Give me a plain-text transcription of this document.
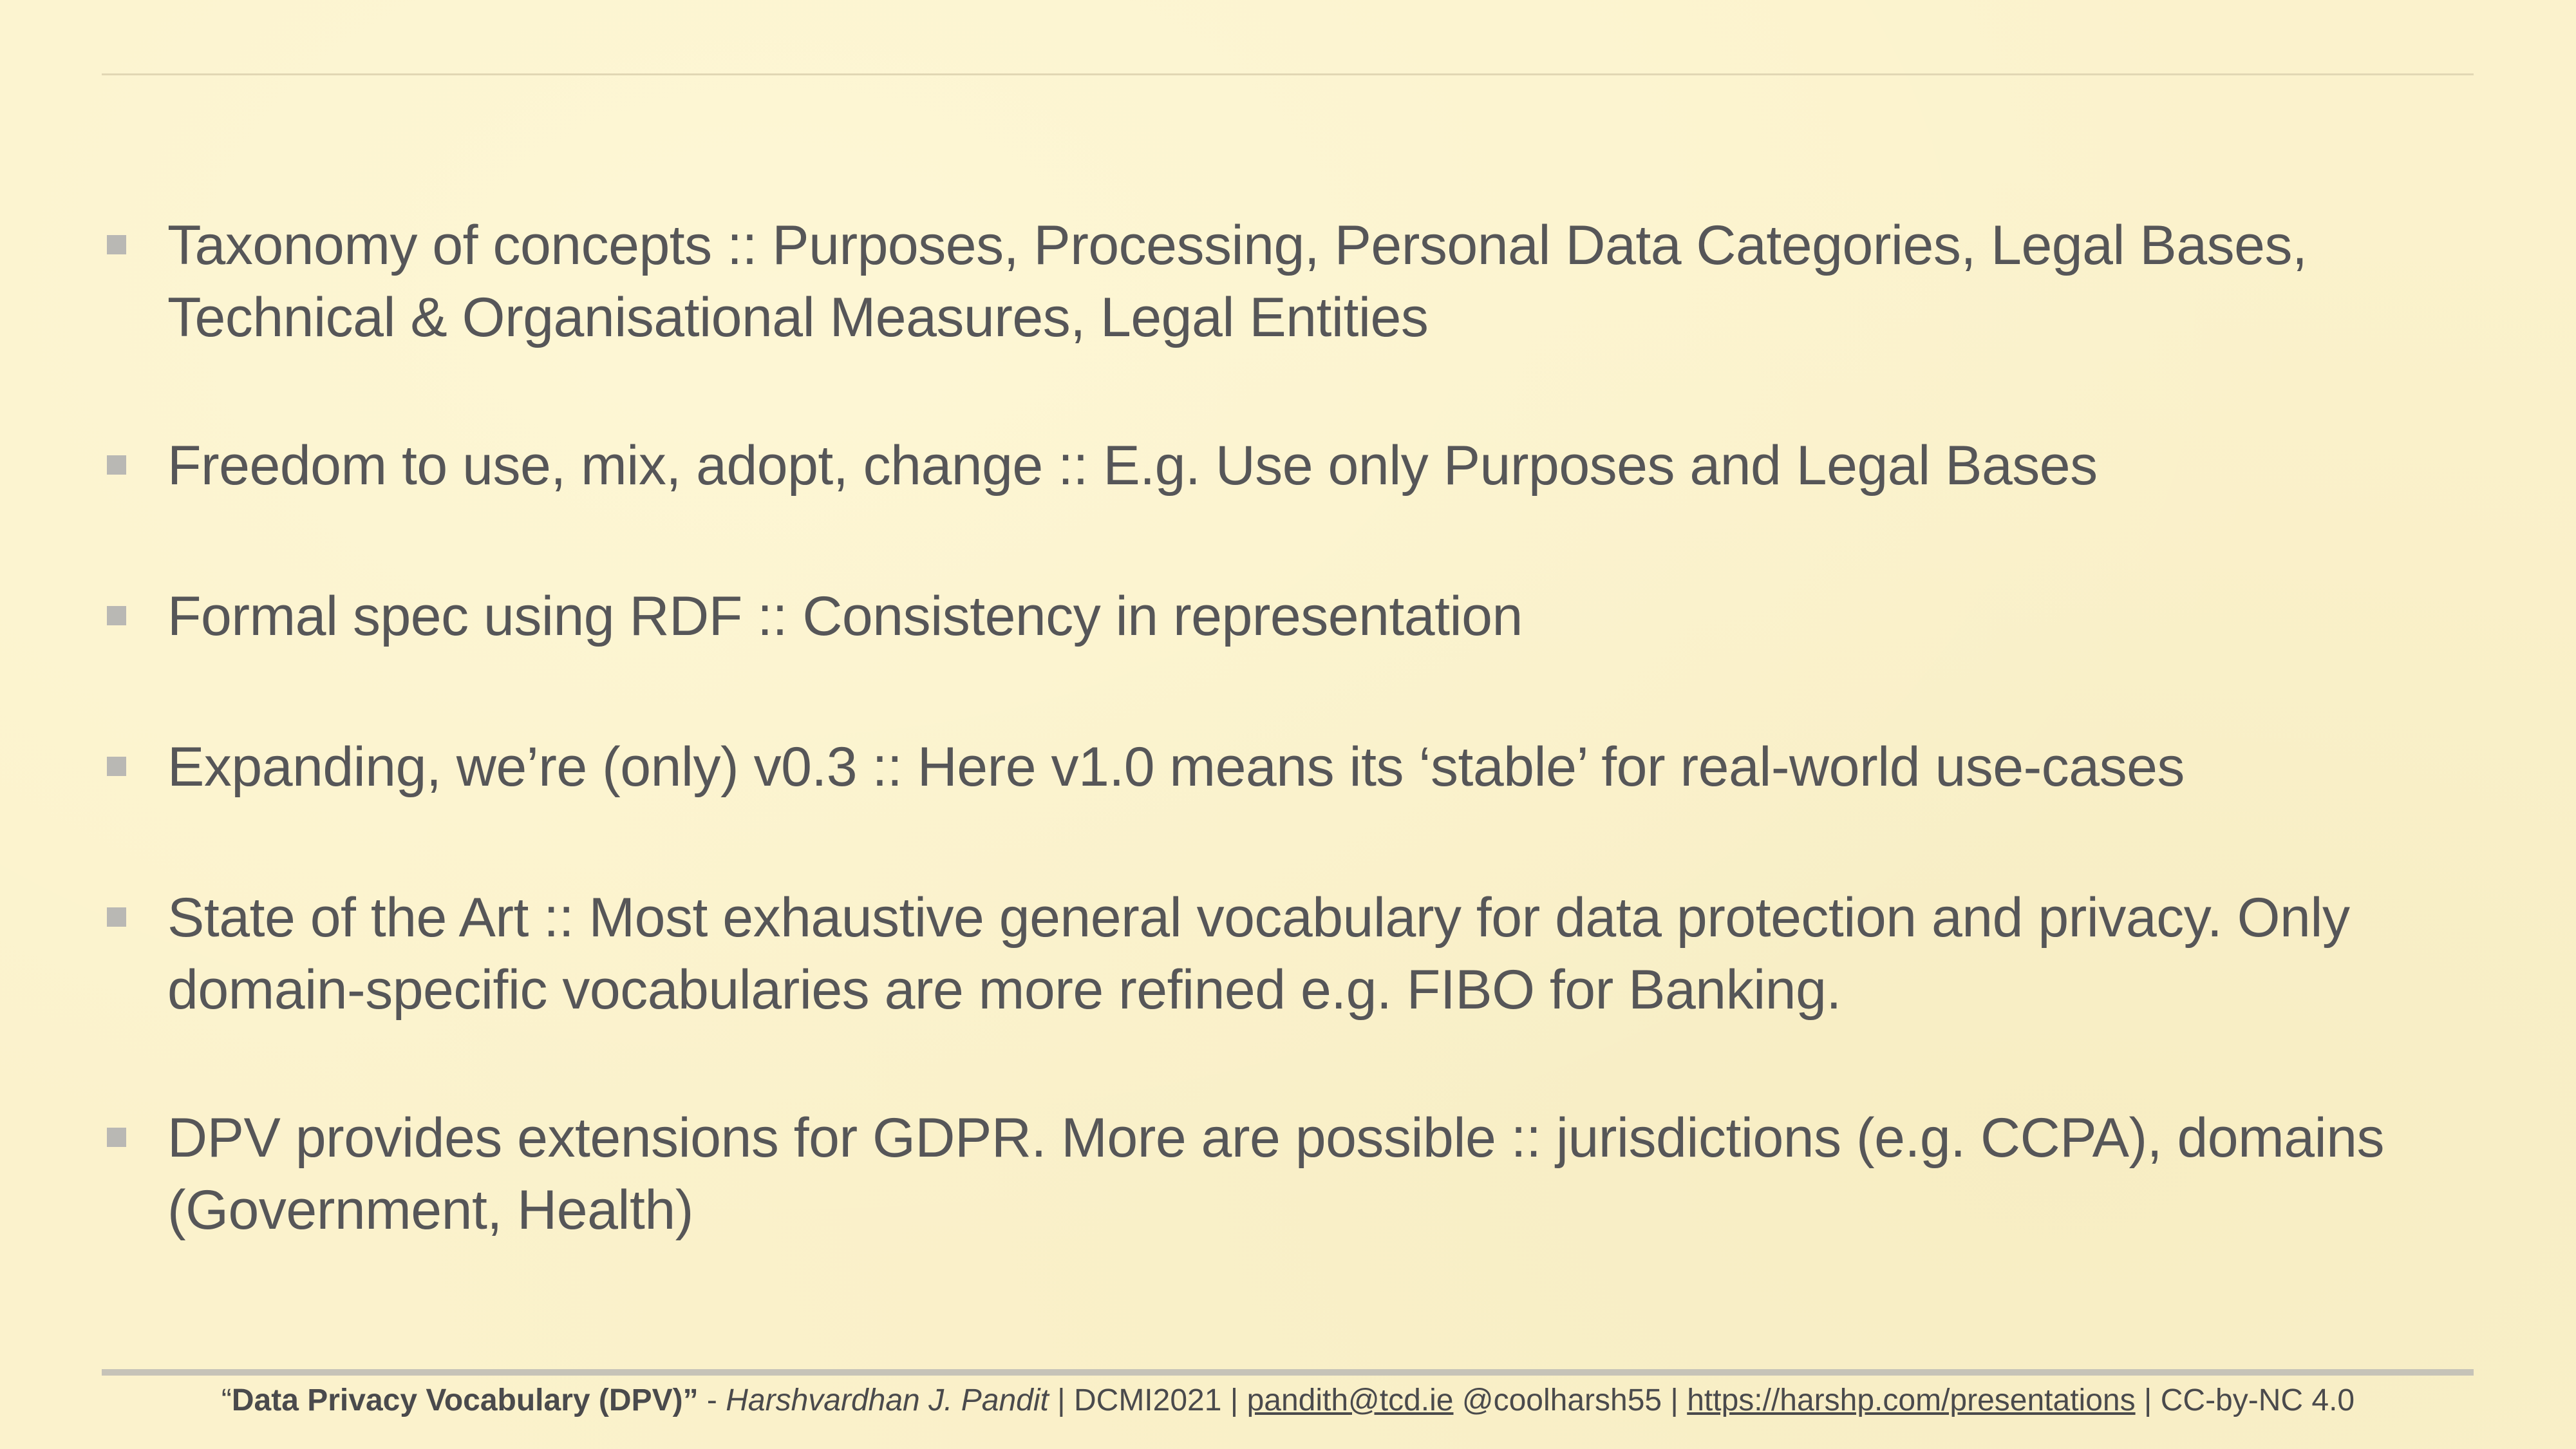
Taxonomy of concepts :: Purposes, Processing, Personal Data Categories, Legal Bases,
Technical & Organisational Measures, Legal Entities
Freedom to use, mix, adopt, change :: E.g. Use only Purposes and Legal Bases
Formal spec using RDF :: Consistency in representation
Expanding, we’re (only) v0.3 :: Here v1.0 means its ‘stable’ for real-world use-cases
State of the Art :: Most exhaustive general vocabulary for data protection and privacy. Only
domain-specific vocabularies are more refined e.g. FIBO for Banking.
DPV provides extensions for GDPR. More are possible :: jurisdictions (e.g. CCPA), domains
(Government, Health)
“Data Privacy Vocabulary (DPV)” - Harshvardhan J. Pandit | DCMI2021 | pandith@tcd.ie @coolharsh55 | https://harshp.com/presentations | CC-by-NC 4.0
